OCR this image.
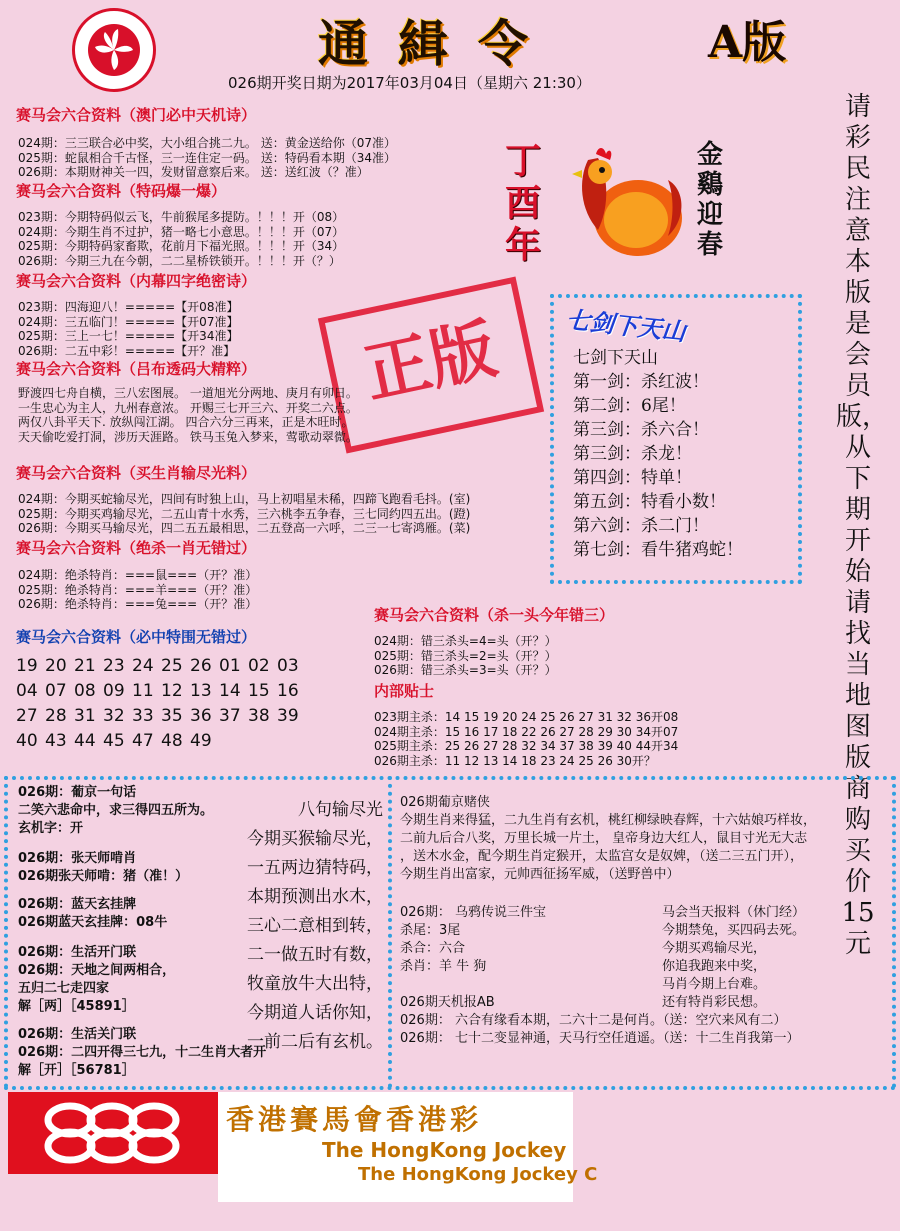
通緝令	A版
026期开奖日期为2017年03月04日（星期六 21:30）
请彩民注意本版是会员版，从下期开始请找当地图版商购买价15元
丁酉年
金鷄迎春
正版
赛马会六合资料（澳门必中天机诗）
024期：三三联合必中奖，大小组合挑二九。 送：黄金送给你（07准）
025期：蛇鼠相合千古怪，三一连住定一码。 送：特码看本期（34准）
026期：本期财神关一四，发财留意察后来。 送：送红波（？准）
赛马会六合资料（特码爆一爆）
023期：今期特码似云飞，牛前猴尾多提防。！！！开（08）
024期：今期生肖不过护，猪一略七小意思。！！！开（07）
025期：今期特码家畜欺，花前月下福光照。！！！开（34）
026期：今期三九在今朝，二二星桥铁锁开。！！！开（？）
赛马会六合资料（内幕四字绝密诗）
023期：四海迎八！=====【开08准】
024期：三五临门！=====【开07准】
025期：三上一七！=====【开34准】
026期：二五中彩！=====【开？准】
赛马会六合资料（吕布透码大精粹）
野渡四七舟自横，三八宏图展。 一道旭光分两地、庚月有卯日。
一生忠心为主人，九州春意浓。 开赐三七开三六、开奖二六点。
两仅八卦平天下. 放纵闯江湖。 四合六分三再来，正是木旺时。
天天偷吃爱打洞，涉历天涯路。 铁马玉兔入梦来，莺歌动翠微。
赛马会六合资料（买生肖输尽光料）
024期：今期买蛇输尽光，四间有时独上山，马上初唱星未稀，四蹄飞跑看毛抖。(室)
025期：今期买鸡输尽光，二五山青十水秀，三六桃李五争春，三七同约四五出。(蹬)
026期：今期买马输尽光，四二五五最相思，二五登高一六呼，二三一七寄鸿雁。(菜)
赛马会六合资料（绝杀一肖无错过）
024期：绝杀特肖：===鼠===（开？准）
025期：绝杀特肖：===羊===（开？准）
026期：绝杀特肖：===兔===（开？准）
赛马会六合资料（必中特围无错过）
19 20 21 23 24 25 26 01 02 03
04 07 08 09 11 12 13 14 15 16
27 28 31 32 33 35 36 37 38 39
40 43 44 45 47 48 49
七剑下天山
七剑下天山
第一剑：杀红波！
第二剑：6尾！
第三剑：杀六合！
第三剑：杀龙！
第四剑：特单！
第五剑：特看小数！
第六剑：杀二门！
第七剑：看牛猪鸡蛇！
赛马会六合资料（杀一头今年错三）
024期：错三杀头=4=头（开？）
025期：错三杀头=2=头（开？）
026期：错三杀头=3=头（开？）
内部贴士
023期主杀：14 15 19 20 24 25 26 27 31 32 36开08
024期主杀：15 16 17 18 22 26 27 28 29 30 34开07
025期主杀：25 26 27 28 32 34 37 38 39 40 44开34
026期主杀：11 12 13 14 18 23 24 25 26 30开？
026期：葡京一句话
二笑六悲命中，求三得四五所为。
玄机字：开
026期：张天师啃肖
026期张天师啃：猪（准！）
026期：蓝天玄挂牌
026期蓝天玄挂牌：08牛
026期：生活开门联
026期：天地之间两相合，
五归二七走四家
解［两］［45891］
026期：生活关门联
026期：二四开得三七九，十二生肖大者开
解［开］［56781］
八句输尽光
今期买猴输尽光，
一五两边猜特码，
本期预测出水木，
三心二意相到转，
二一做五时有数，
牧童放牛大出特，
今期道人话你知，
一前二后有玄机。
026期葡京赌侠
今期生肖来得猛，二九生肖有玄机，桃红柳绿映春辉，十六姑娘巧样妆，
二前九后合八奖，万里长城一片土， 皇帝身边大红人，鼠目寸光无大志
，送木水金，配今期生肖定猴开，太监宫女是奴婢，（送二三五门开），
今期生肖出富家，元帅西征扬军威，（送野兽中）
026期： 乌鸦传说三件宝
杀尾：3尾
杀合：六合
杀肖：羊 牛 狗
马会当天报料（休门经）
今期禁兔，买四码去死。
今期买鸡输尽光，
你追我跑来中奖，
马肖今期上台难。
还有特肖彩民想。
026期天机报AB
026期： 六合有缘看本期，二六十二是何肖。（送：空穴来风有二）
026期： 七十二变显神通，天马行空任逍遥。（送：十二生肖我第一）
香港賽馬會香港彩
The HongKong Jockey
The HongKong Jockey C
